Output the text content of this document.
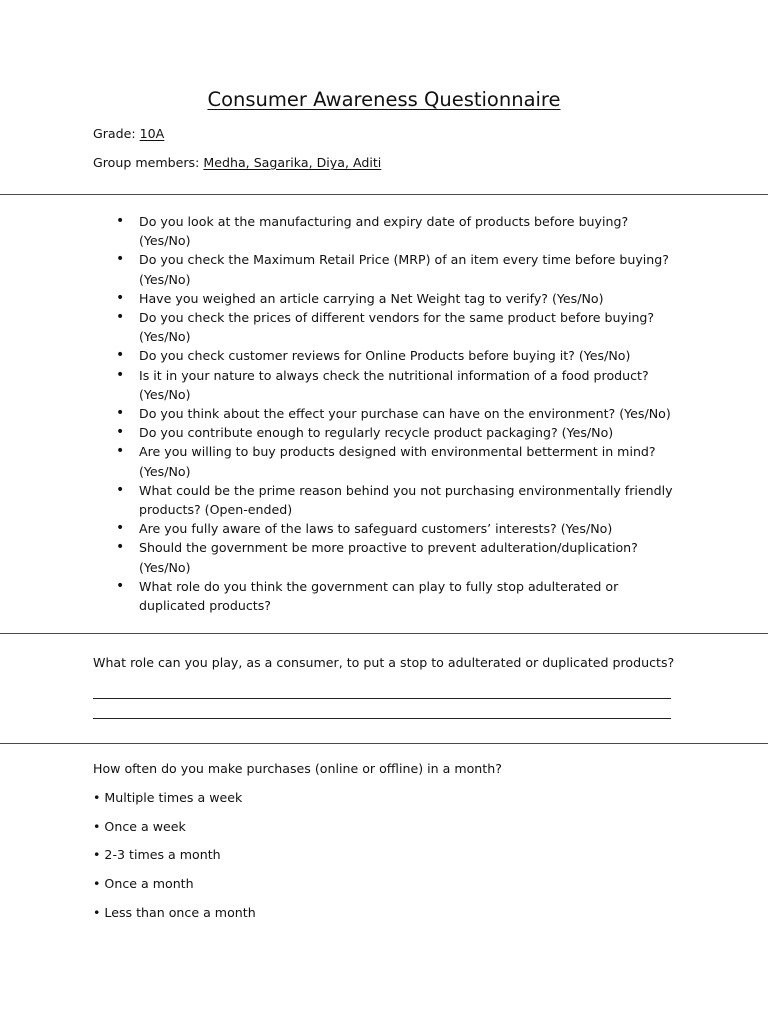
Consumer Awareness Questionnaire
Grade: 10A
Group members: Medha, Sagarika, Diya, Aditi
• Do you look at the manufacturing and expiry date of products before buying? (Yes/No)
• Do you check the Maximum Retail Price (MRP) of an item every time before buying? (Yes/No)
• Have you weighed an article carrying a Net Weight tag to verify? (Yes/No)
• Do you check the prices of different vendors for the same product before buying? (Yes/No)
• Do you check customer reviews for Online Products before buying it? (Yes/No)
• Is it in your nature to always check the nutritional information of a food product? (Yes/No)
• Do you think about the effect your purchase can have on the environment? (Yes/No)
• Do you contribute enough to regularly recycle product packaging? (Yes/No)
• Are you willing to buy products designed with environmental betterment in mind? (Yes/No)
• What could be the prime reason behind you not purchasing environmentally friendly products? (Open-ended)
• Are you fully aware of the laws to safeguard customers’ interests? (Yes/No)
• Should the government be more proactive to prevent adulteration/duplication? (Yes/No)
• What role do you think the government can play to fully stop adulterated or duplicated products?
What role can you play, as a consumer, to put a stop to adulterated or duplicated products?
How often do you make purchases (online or offline) in a month?
• Multiple times a week
• Once a week
• 2-3 times a month
• Once a month
• Less than once a month
